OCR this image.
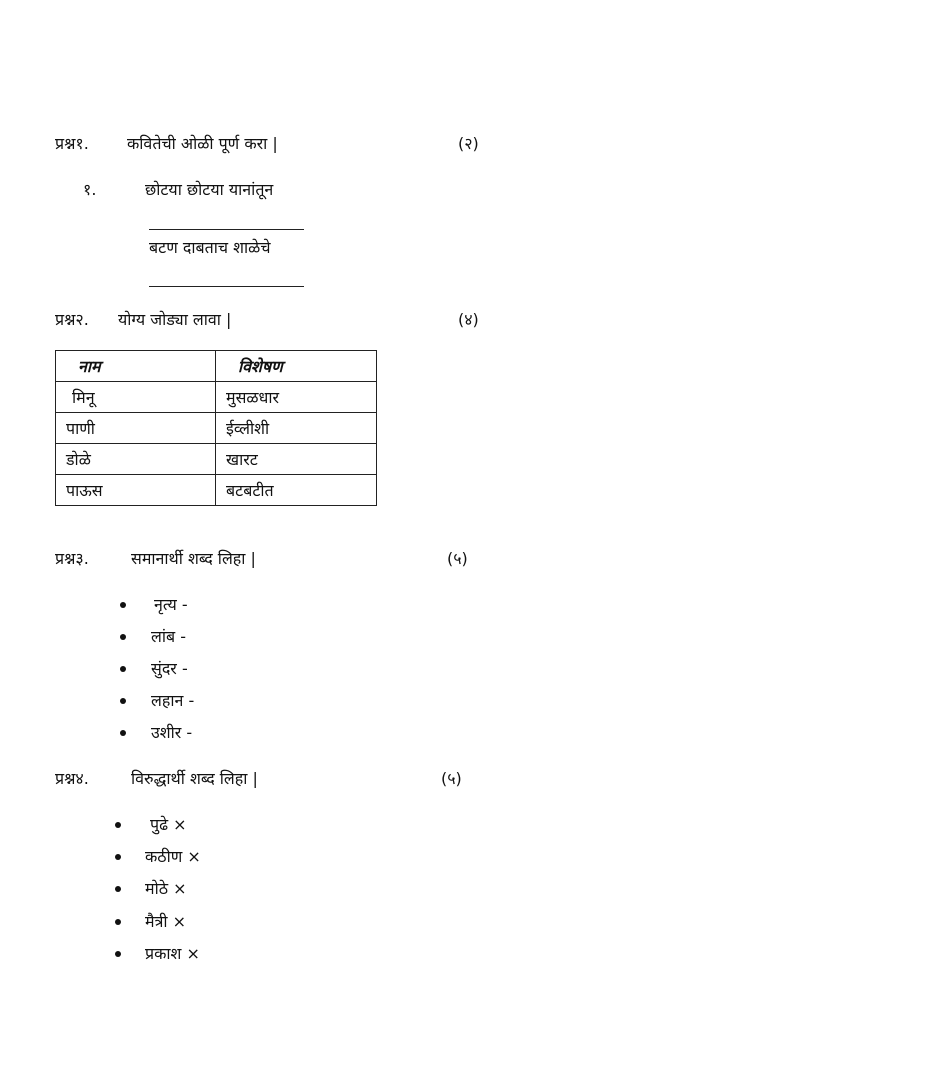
प्रश्न१. कवितेची ओळी पूर्ण करा |	(२)
१.	छोटया छोटया यानांतून
बटण दाबताच शाळेचे
प्रश्न२. योग्य जोड्या लावा |	(४)
नाम	विशेषण
मिनू	मुसळधार
पाणी	ईव्लीशी
डोळे	खारट
पाऊस	बटबटीत
प्रश्न३.	समानार्थी शब्द लिहा |	(५)
नृत्य -
लांब -
सुंदर -
लहान -
उशीर -
प्रश्न४.	विरुद्धार्थी शब्द लिहा |	(५)
पुढे ×
कठीण ×
मोठे ×
मैत्री ×
प्रकाश ×
